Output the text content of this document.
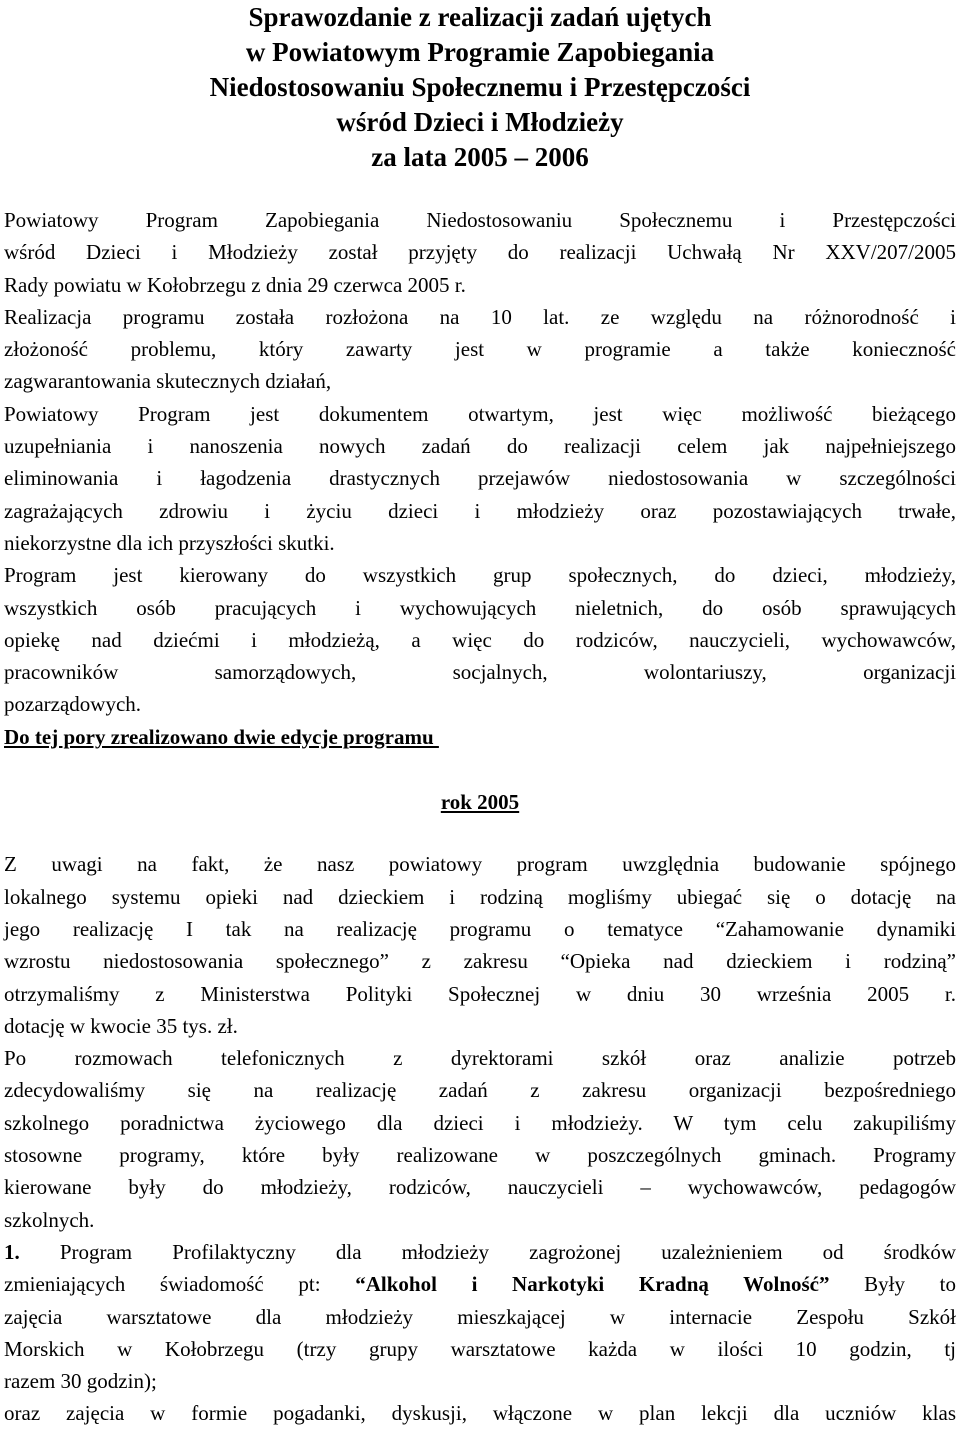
Sprawozdanie z realizacji zadań ujętych
w Powiatowym Programie Zapobiegania
Niedostosowaniu Społecznemu i Przestępczości
wśród Dzieci i Młodzieży
za lata 2005 – 2006
Powiatowy Program Zapobiegania Niedostosowaniu Społecznemu i Przestępczości
wśród Dzieci i Młodzieży został przyjęty do realizacji Uchwałą Nr XXV/207/2005
Rady powiatu w Kołobrzegu z dnia 29 czerwca 2005 r.
Realizacja programu została rozłożona na 10 lat. ze względu na różnorodność i
złożoność problemu, który zawarty jest w programie a także konieczność
zagwarantowania skutecznych działań,
Powiatowy Program jest dokumentem otwartym, jest więc możliwość bieżącego
uzupełniania i nanoszenia nowych zadań do realizacji celem jak najpełniejszego
eliminowania i łagodzenia drastycznych przejawów niedostosowania w szczególności
zagrażających zdrowiu i życiu dzieci i młodzieży oraz pozostawiających trwałe,
niekorzystne dla ich przyszłości skutki.
Program jest kierowany do wszystkich grup społecznych, do dzieci, młodzieży,
wszystkich osób pracujących i wychowujących nieletnich, do osób sprawujących
opiekę nad dziećmi i młodzieżą, a więc do rodziców, nauczycieli, wychowawców,
pracowników samorządowych, socjalnych, wolontariuszy, organizacji
pozarządowych.
Do tej pory zrealizowano dwie edycje programu
rok 2005
Z uwagi na fakt, że nasz powiatowy program uwzględnia budowanie spójnego
lokalnego systemu opieki nad dzieckiem i rodziną mogliśmy ubiegać się o dotację na
jego realizację I tak na realizację programu o tematyce “Zahamowanie dynamiki
wzrostu niedostosowania społecznego” z zakresu “Opieka nad dzieckiem i rodziną”
otrzymaliśmy z Ministerstwa Polityki Społecznej w dniu 30 września 2005 r.
dotację w kwocie 35 tys. zł.
Po rozmowach telefonicznych z dyrektorami szkół oraz analizie potrzeb
zdecydowaliśmy się na realizację zadań z zakresu organizacji bezpośredniego
szkolnego poradnictwa życiowego dla dzieci i młodzieży. W tym celu zakupiliśmy
stosowne programy, które były realizowane w poszczególnych gminach. Programy
kierowane były do młodzieży, rodziców, nauczycieli – wychowawców, pedagogów
szkolnych.
1. Program Profilaktyczny dla młodzieży zagrożonej uzależnieniem od środków
zmieniających świadomość pt: “Alkohol i Narkotyki Kradną Wolność” Były to
zajęcia warsztatowe dla młodzieży mieszkającej w internacie Zespołu Szkół
Morskich w Kołobrzegu (trzy grupy warsztatowe każda w ilości 10 godzin, tj
razem 30 godzin);
oraz zajęcia w formie pogadanki, dyskusji, włączone w plan lekcji dla uczniów klas
